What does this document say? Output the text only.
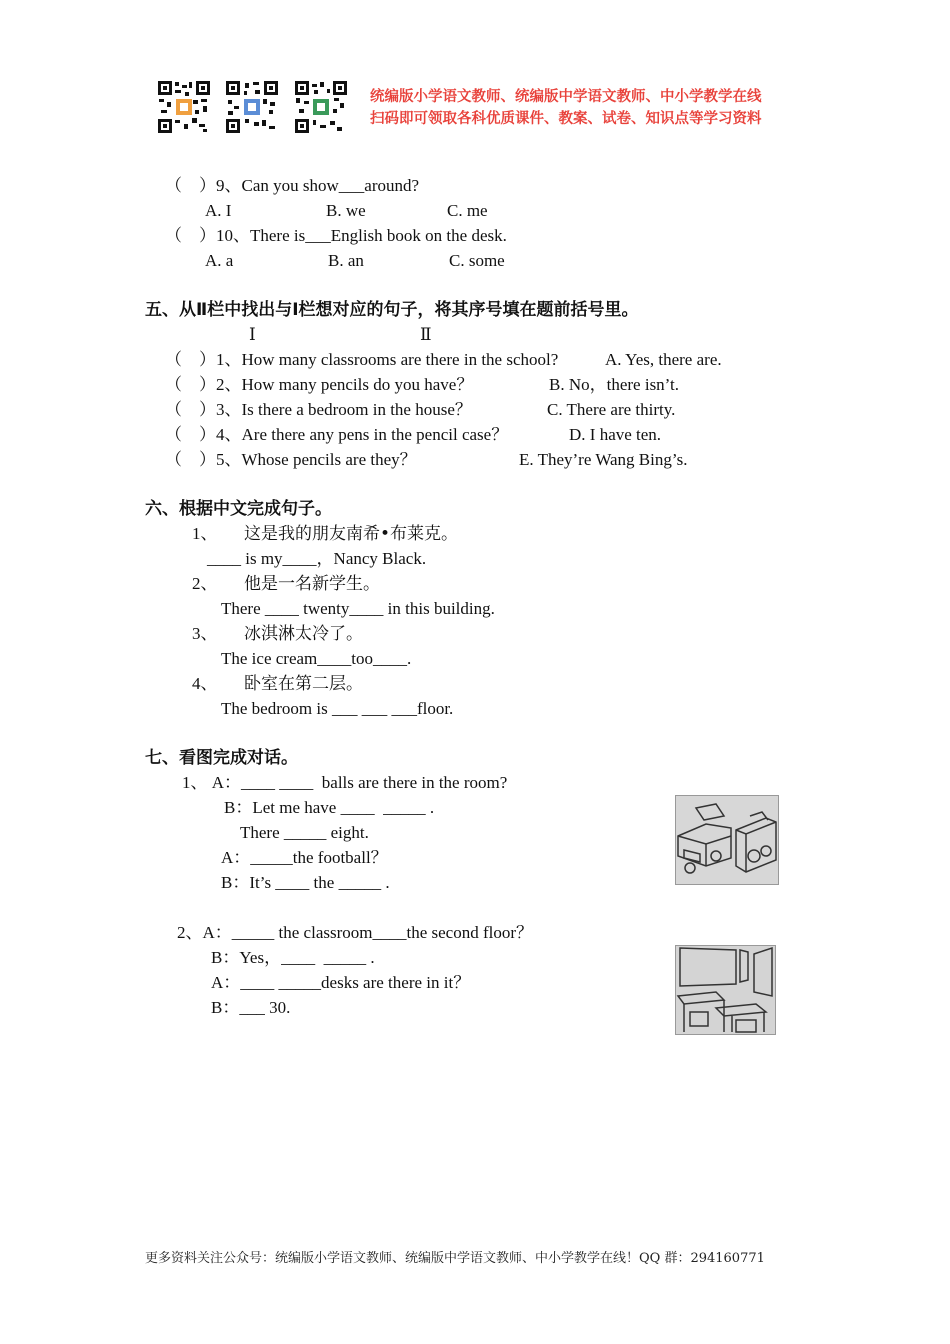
统编版小学语文教师、统编版中学语文教师、中小学教学在线
扫码即可领取各科优质课件、教案、试卷、知识点等学习资料
（　）9、Can you show___around?
A. I	B. we	C. me
（　）10、There is___English book on the desk.
A. a	B. an	C. some
五、从Ⅱ栏中找出与Ⅰ栏想对应的句子，将其序号填在题前括号里。
Ⅰ	Ⅱ
（　）1、How many classrooms are there in the school?	A. Yes, there are.
（　）2、How many pencils do you have？	B. No，there isn’t.
（　）3、Is there a bedroom in the house？	C. There are thirty.
（　）4、Are there any pens in the pencil case？	D. I have ten.
（　）5、Whose pencils are they？	E. They’re Wang Bing’s.
六、根据中文完成句子。
1、 这是我的朋友南希•布莱克。
____ is my____，Nancy Black.
2、 他是一名新学生。
There ____ twenty____ in this building.
3、 冰淇淋太冷了。
The ice cream____too____.
4、 卧室在第二层。
The bedroom is ___ ___ ___floor.
七、看图完成对话。
1、 A：____ ____  balls are there in the room?
B：Let me have ____  _____ .
There _____ eight.
A：_____the football？
B：It’s ____ the _____ .
2、A：_____ the classroom____the second floor？
B：Yes，____  _____ .
A：____ _____desks are there in it？
B：___ 30.
更多资料关注公众号：统编版小学语文教师、统编版中学语文教师、中小学教学在线！QQ 群：294160771
